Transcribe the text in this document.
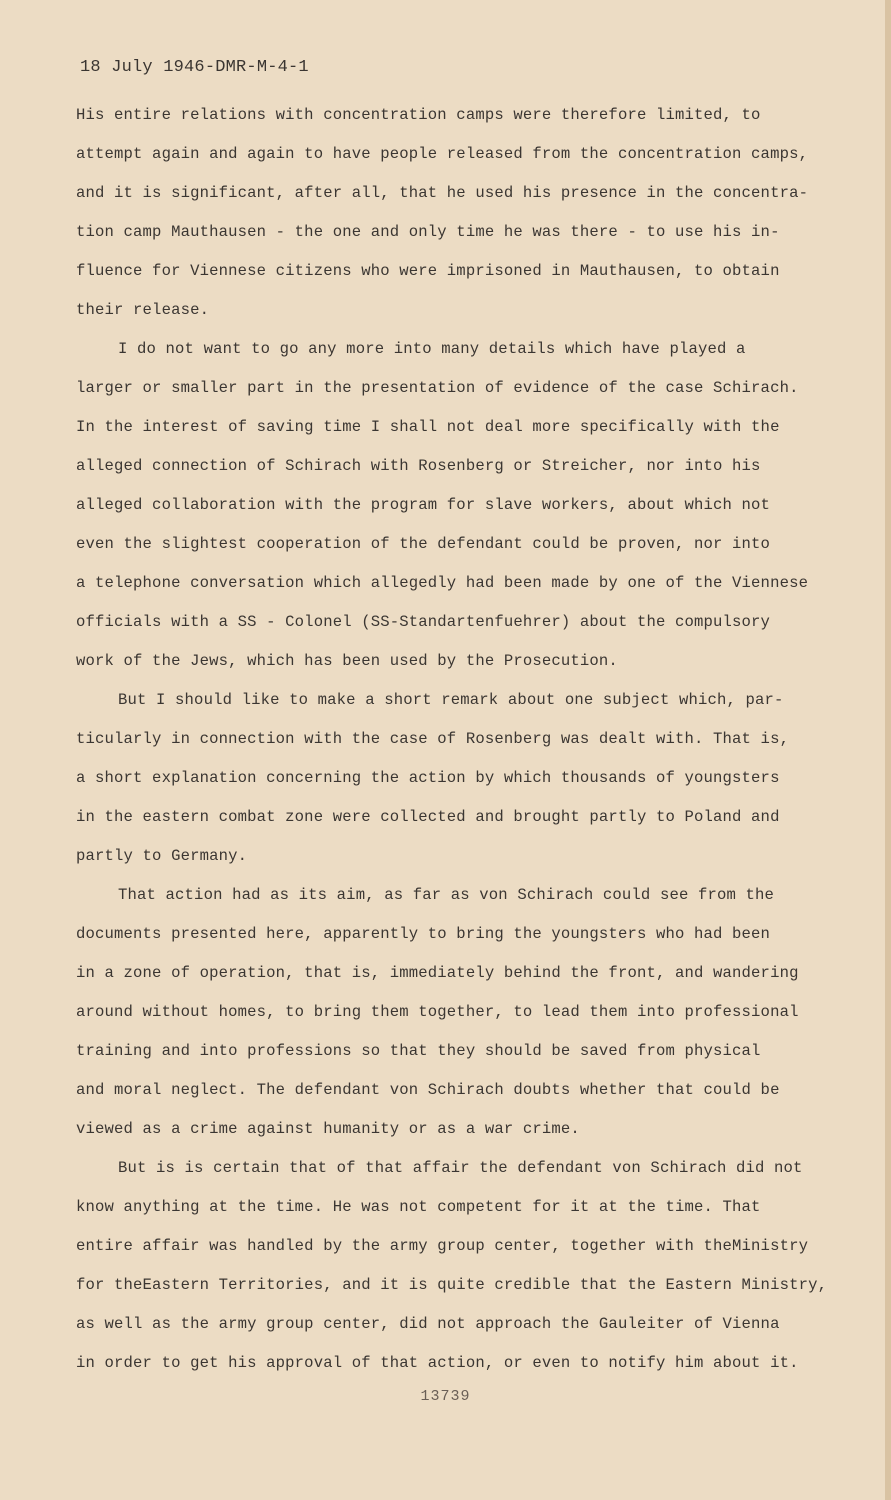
18 July 1946-DMR-M-4-1
His entire relations with concentration camps were therefore limited, to
attempt again and again to have people released from the concentration camps,
and it is significant, after all, that he used his presence in the concentra-
tion camp Mauthausen - the one and only time he was there - to use his in-
fluence for Viennese citizens who were imprisoned in Mauthausen, to obtain
their release.
I do not want to go any more into many details which have played a
larger or smaller part in the presentation of evidence of the case Schirach.
In the interest of saving time I shall not deal more specifically with the
alleged connection of Schirach with Rosenberg or Streicher, nor into his
alleged collaboration with the program for slave workers, about which not
even the slightest cooperation of the defendant could be proven, nor into
a telephone conversation which allegedly had been made by one of the Viennese
officials with a SS - Colonel (SS-Standartenfuehrer) about the compulsory
work of the Jews, which has been used by the Prosecution.
But I should like to make a short remark about one subject which, par-
ticularly in connection with the case of Rosenberg was dealt with. That is,
a short explanation concerning the action by which thousands of youngsters
in the eastern combat zone were collected and brought partly to Poland and
partly to Germany.
That action had as its aim, as far as von Schirach could see from the
documents presented here, apparently to bring the youngsters who had been
in a zone of operation, that is, immediately behind the front, and wandering
around without homes, to bring them together, to lead them into professional
training and into professions so that they should be saved from physical
and moral neglect. The defendant von Schirach doubts whether that could be
viewed as a crime against humanity or as a war crime.
But is is certain that of that affair the defendant von Schirach did not
know anything at the time. He was not competent for it at the time. That
entire affair was handled by the army group center, together with theMinistry
for theEastern Territories, and it is quite credible that the Eastern Ministry,
as well as the army group center, did not approach the Gauleiter of Vienna
in order to get his approval of that action, or even to notify him about it.
13739
